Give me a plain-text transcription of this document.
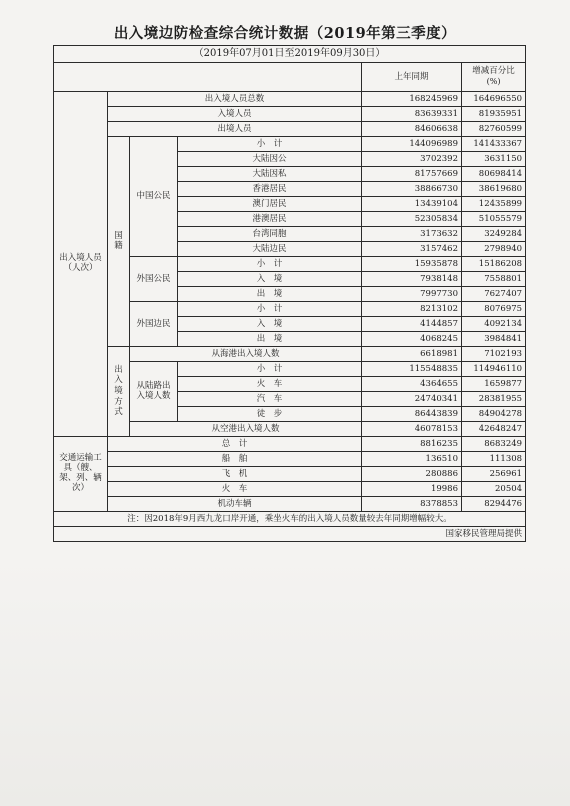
出入境边防检查综合统计数据（2019年第三季度）
（2019年07月01日至2019年09月30日）						
				上年同期	增减百分比
(%)	
出入境人员（人次）	出入境人员总数			168245969	164696550	
	入境人员			83639331	81935951	
	出境人员			84606638	82760599	
	国籍	中国公民	小　计	144096989	141433367	
			大陆因公	3702392	3631150	
			大陆因私	81757669	80698414	
			香港居民	38866730	38619680	
			澳门居民	13439104	12435899	
			港澳居民	52305834	51055579	
			台湾同胞	3173632	3249284	
			大陆边民	3157462	2798940	
		外国公民	小　计	15935878	15186208	
			入　境	7938148	7558801	
			出　境	7997730	7627407	
		外国边民	小　计	8213102	8076975	
			入　境	4144857	4092134	
			出　境	4068245	3984841	
	出入境方式	从海港出入境人数		6618981	7102193	
		从陆路出入境人数	小　计	115548835	114946110	
			火　车	4364655	1659877	
			汽　车	24740341	28381955	
			徒　步	86443839	84904278	
		从空港出入境人数		46078153	42648247	
交通运输工具（艘、架、列、辆次）	总　计			8816235	8683249	
	船　舶			136510	111308	
	飞　机			280886	256961	
	火　车			19986	20504	
	机动车辆			8378853	8294476	
注：因2018年9月西九龙口岸开通，乘坐火车的出入境人员数量较去年同期增幅较大。						
国家移民管理局提供						
